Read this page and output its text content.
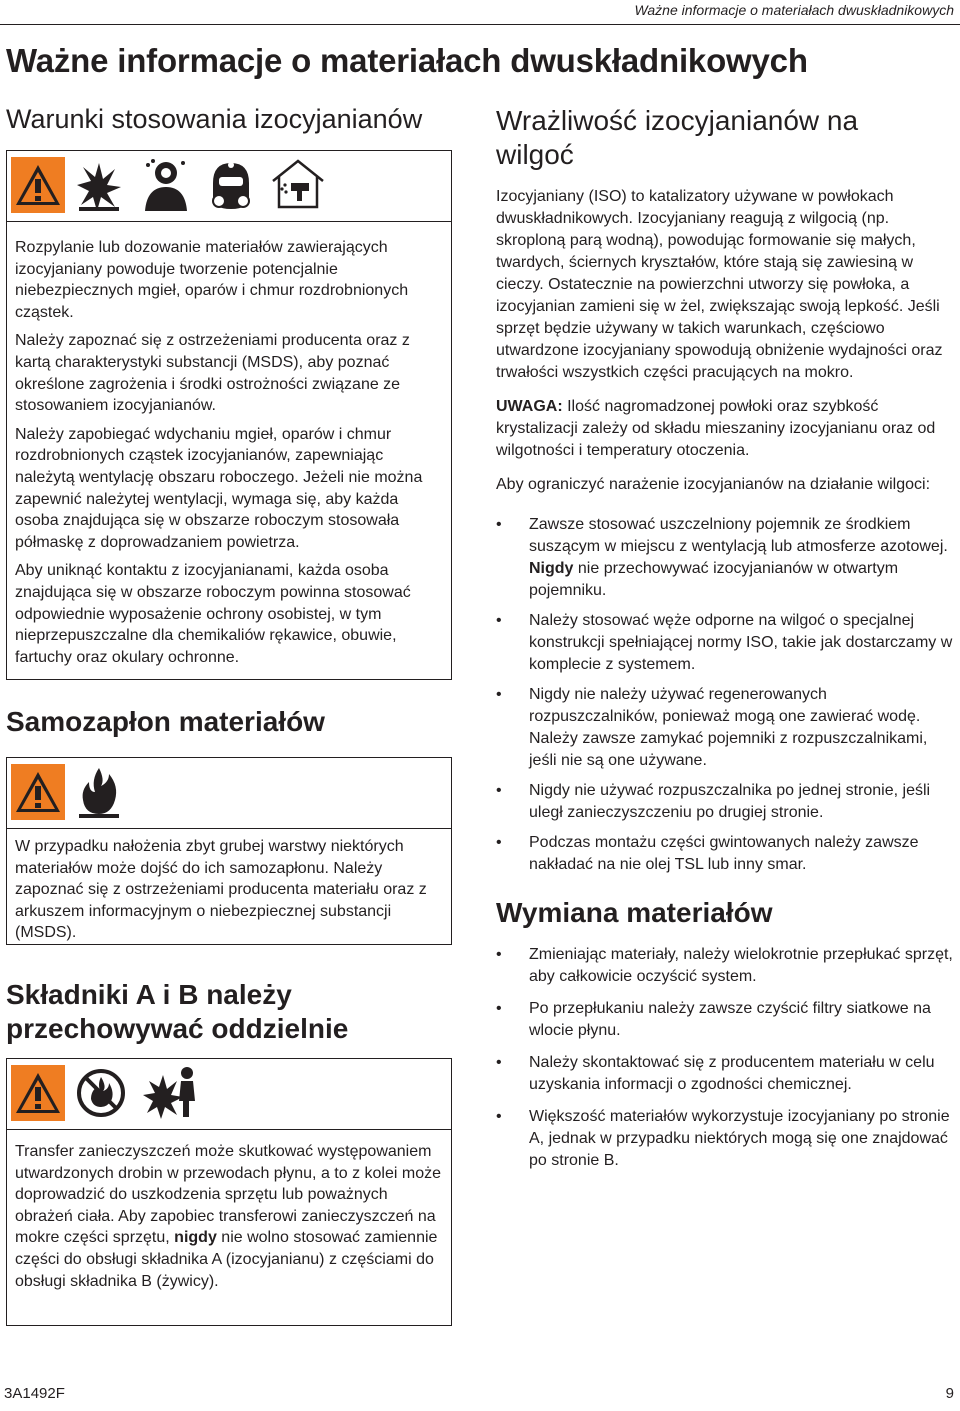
Ważne informacje o materiałach dwuskładnikowych
Ważne informacje o materiałach dwuskładnikowych
Warunki stosowania izocyjanianów

Rozpylanie lub dozowanie materiałów zawierających izocyjaniany powoduje tworzenie potencjalnie niebezpiecznych mgieł, oparów i chmur rozdrobnionych cząstek.

Należy zapoznać się z ostrzeżeniami producenta oraz z kartą charakterystyki substancji (MSDS), aby poznać określone zagrożenia i środki ostrożności związane ze stosowaniem izocyjanianów.

Należy zapobiegać wdychaniu mgieł, oparów i chmur rozdrobnionych cząstek izocyjanianów, zapewniając należytą wentylację obszaru roboczego. Jeżeli nie można zapewnić należytej wentylacji, wymaga się, aby każda osoba znajdująca się w obszarze roboczym stosowała półmaskę z doprowadzaniem powietrza.

Aby uniknąć kontaktu z izocyjanianami, każda osoba znajdująca się w obszarze roboczym powinna stosować odpowiednie wyposażenie ochrony osobistej, w tym nieprzepuszczalne dla chemikaliów rękawice, obuwie, fartuchy oraz okulary ochronne.

Samozapłon materiałów

W przypadku nałożenia zbyt grubej warstwy niektórych materiałów może dojść do ich samozapłonu. Należy zapoznać się z ostrzeżeniami producenta materiału oraz z arkuszem informacyjnym o niebezpiecznej substancji (MSDS).

Składniki A i B należy przechowywać oddzielnie

Transfer zanieczyszczeń może skutkować występowaniem utwardzonych drobin w przewodach płynu, a to z kolei może doprowadzić do uszkodzenia sprzętu lub poważnych obrażeń ciała. Aby zapobiec transferowi zanieczyszczeń na mokre części sprzętu, nigdy nie wolno stosować zamiennie części do obsługi składnika A (izocyjanianu) z częściami do obsługi składnika B (żywicy).

Wrażliwość izocyjanianów na wilgoć

Izocyjaniany (ISO) to katalizatory używane w powłokach dwuskładnikowych. Izocyjaniany reagują z wilgocią (np. skroploną parą wodną), powodując formowanie się małych, twardych, ściernych kryształów, które stają się zawiesiną w cieczy. Ostatecznie na powierzchni utworzy się powłoka, a izocyjanian zamieni się w żel, zwiększając swoją lepkość. Jeśli sprzęt będzie używany w takich warunkach, częściowo utwardzone izocyjaniany spowodują obniżenie wydajności oraz trwałości wszystkich części pracujących na mokro.

UWAGA: Ilość nagromadzonej powłoki oraz szybkość krystalizacji zależy od składu mieszaniny izocyjanianu oraz od wilgotności i temperatury otoczenia.

Aby ograniczyć narażenie izocyjanianów na działanie wilgoci:

• Zawsze stosować uszczelniony pojemnik ze środkiem suszącym w miejscu z wentylacją lub atmosferze azotowej. Nigdy nie przechowywać izocyjanianów w otwartym pojemniku.
• Należy stosować węże odporne na wilgoć o specjalnej konstrukcji spełniającej normy ISO, takie jak dostarczamy w komplecie z systemem.
• Nigdy nie należy używać regenerowanych rozpuszczalników, ponieważ mogą one zawierać wodę. Należy zawsze zamykać pojemniki z rozpuszczalnikami, jeśli nie są one używane.
• Nigdy nie używać rozpuszczalnika po jednej stronie, jeśli uległ zanieczyszczeniu po drugiej stronie.
• Podczas montażu części gwintowanych należy zawsze nakładać na nie olej TSL lub inny smar.
Wymiana materiałów
• Zmieniając materiały, należy wielokrotnie przepłukać sprzęt, aby całkowicie oczyścić system.
• Po przepłukaniu należy zawsze czyścić filtry siatkowe na wlocie płynu.
• Należy skontaktować się z producentem materiału w celu uzyskania informacji o zgodności chemicznej.
• Większość materiałów wykorzystuje izocyjaniany po stronie A, jednak w przypadku niektórych mogą się one znajdować po stronie B.
3A1492F	9
